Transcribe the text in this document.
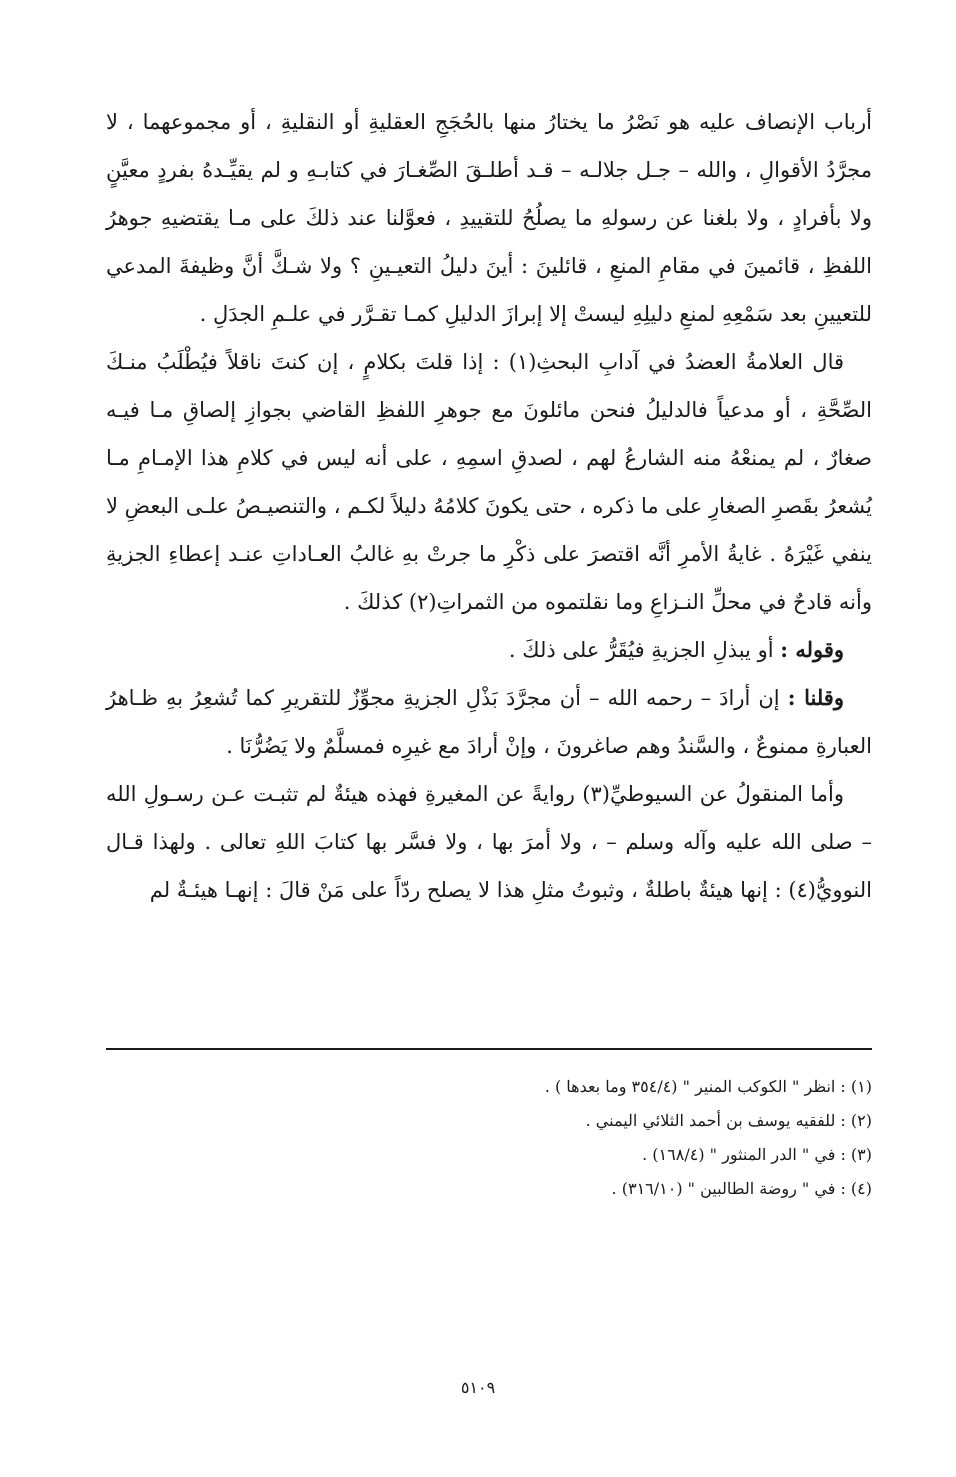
أرباب الإنصاف عليه هو نَصْرُ ما يختارُ منها بالحُجَجِ العقليةِ أو النقليةِ ، أو مجموعهما ، لا مجرَّدُ الأقوالِ ، والله – جـل جلالـه – قـد أطلـقَ الصِّغـارَ في كتابـهِ و لم يقيِّـدهُ بفردٍ معيَّنٍ ولا بأفرادٍ ، ولا بلغنا عن رسولهِ ما يصلُحُ للتقييدِ ، فعوَّلنا عند ذلكَ على مـا يقتضيهِ جوهرُ اللفظِ ، قائمينَ في مقامِ المنعِ ، قائلينَ : أينَ دليلُ التعيـينِ ؟ ولا شـكَّ أنَّ وظيفةَ المدعي للتعيينِ بعد سَمْعِهِ لمنعِ دليلِهِ ليستْ إلا إبرازَ الدليلِ كمـا تقـرَّر في علـمِ الجدَلِ .

قال العلامةُ العضدُ في آدابِ البحثِ(١) : إذا قلتَ بكلامٍ ، إن كنتَ ناقلاً فيُطْلَبُ منـكَ الصِّحَّةِ ، أو مدعياً فالدليلُ فنحن مائلونَ مع جوهرِ اللفظِ القاضي بجوازِ إلصاقِ مـا فيـه صغارٌ ، لم يمنعْهُ منه الشارعُ لهم ، لصدقِ اسمِهِ ، على أنه ليس في كلامِ هذا الإمـامِ مـا يُشعرُ بقَصرِ الصغارِ على ما ذكره ، حتى يكونَ كلامُهُ دليلاً لكـم ، والتنصيـصُ علـى البعضِ لا ينفي غَيْرَهُ . غايةُ الأمرِ أنَّه اقتصرَ على ذكْرِ ما جرتْ بهِ غالبُ العـاداتِ عنـد إعطاءِ الجزيةِ وأنه قادحٌ في محلِّ النـزاعِ وما نقلتموه من الثمراتِ(٢) كذلكَ .

وقوله : أو يبذلِ الجزيةِ فيُقَرُّ على ذلكَ .

وقلنا : إن أرادَ – رحمه الله – أن مجرَّدَ بَذْلِ الجزيةِ مجوِّزٌ للتقريرِ كما تُشعِرُ بهِ ظـاهرُ العبارةِ ممنوعٌ ، والسَّندُ وهم صاغرونَ ، وإنْ أرادَ مع غيرِه فمسلَّمٌ ولا يَضُرُّنَا .

وأما المنقولُ عن السيوطيِّ(٣) روايةً عن المغيرةِ فهذه هيئةٌ لم تثبـت عـن رسـولِ الله – صلى الله عليه وآله وسلم – ، ولا أمرَ بها ، ولا فسَّر بها كتابَ اللهِ تعالى . ولهذا قـال النوويُّ(٤) : إنها هيئةٌ باطلةٌ ، وثبوتُ مثلِ هذا لا يصلح ردّاً على مَنْ قالَ : إنهـا هيئـةٌ لم

(١) : انظر " الكوكب المنير " (٣٥٤/٤ وما بعدها ) .

(٢) : للفقيه يوسف بن أحمد الثلائي اليمني .

(٣) : في " الدر المنثور " (١٦٨/٤) .

(٤) : في " روضة الطالبين " (٣١٦/١٠) .

٥١٠٩
